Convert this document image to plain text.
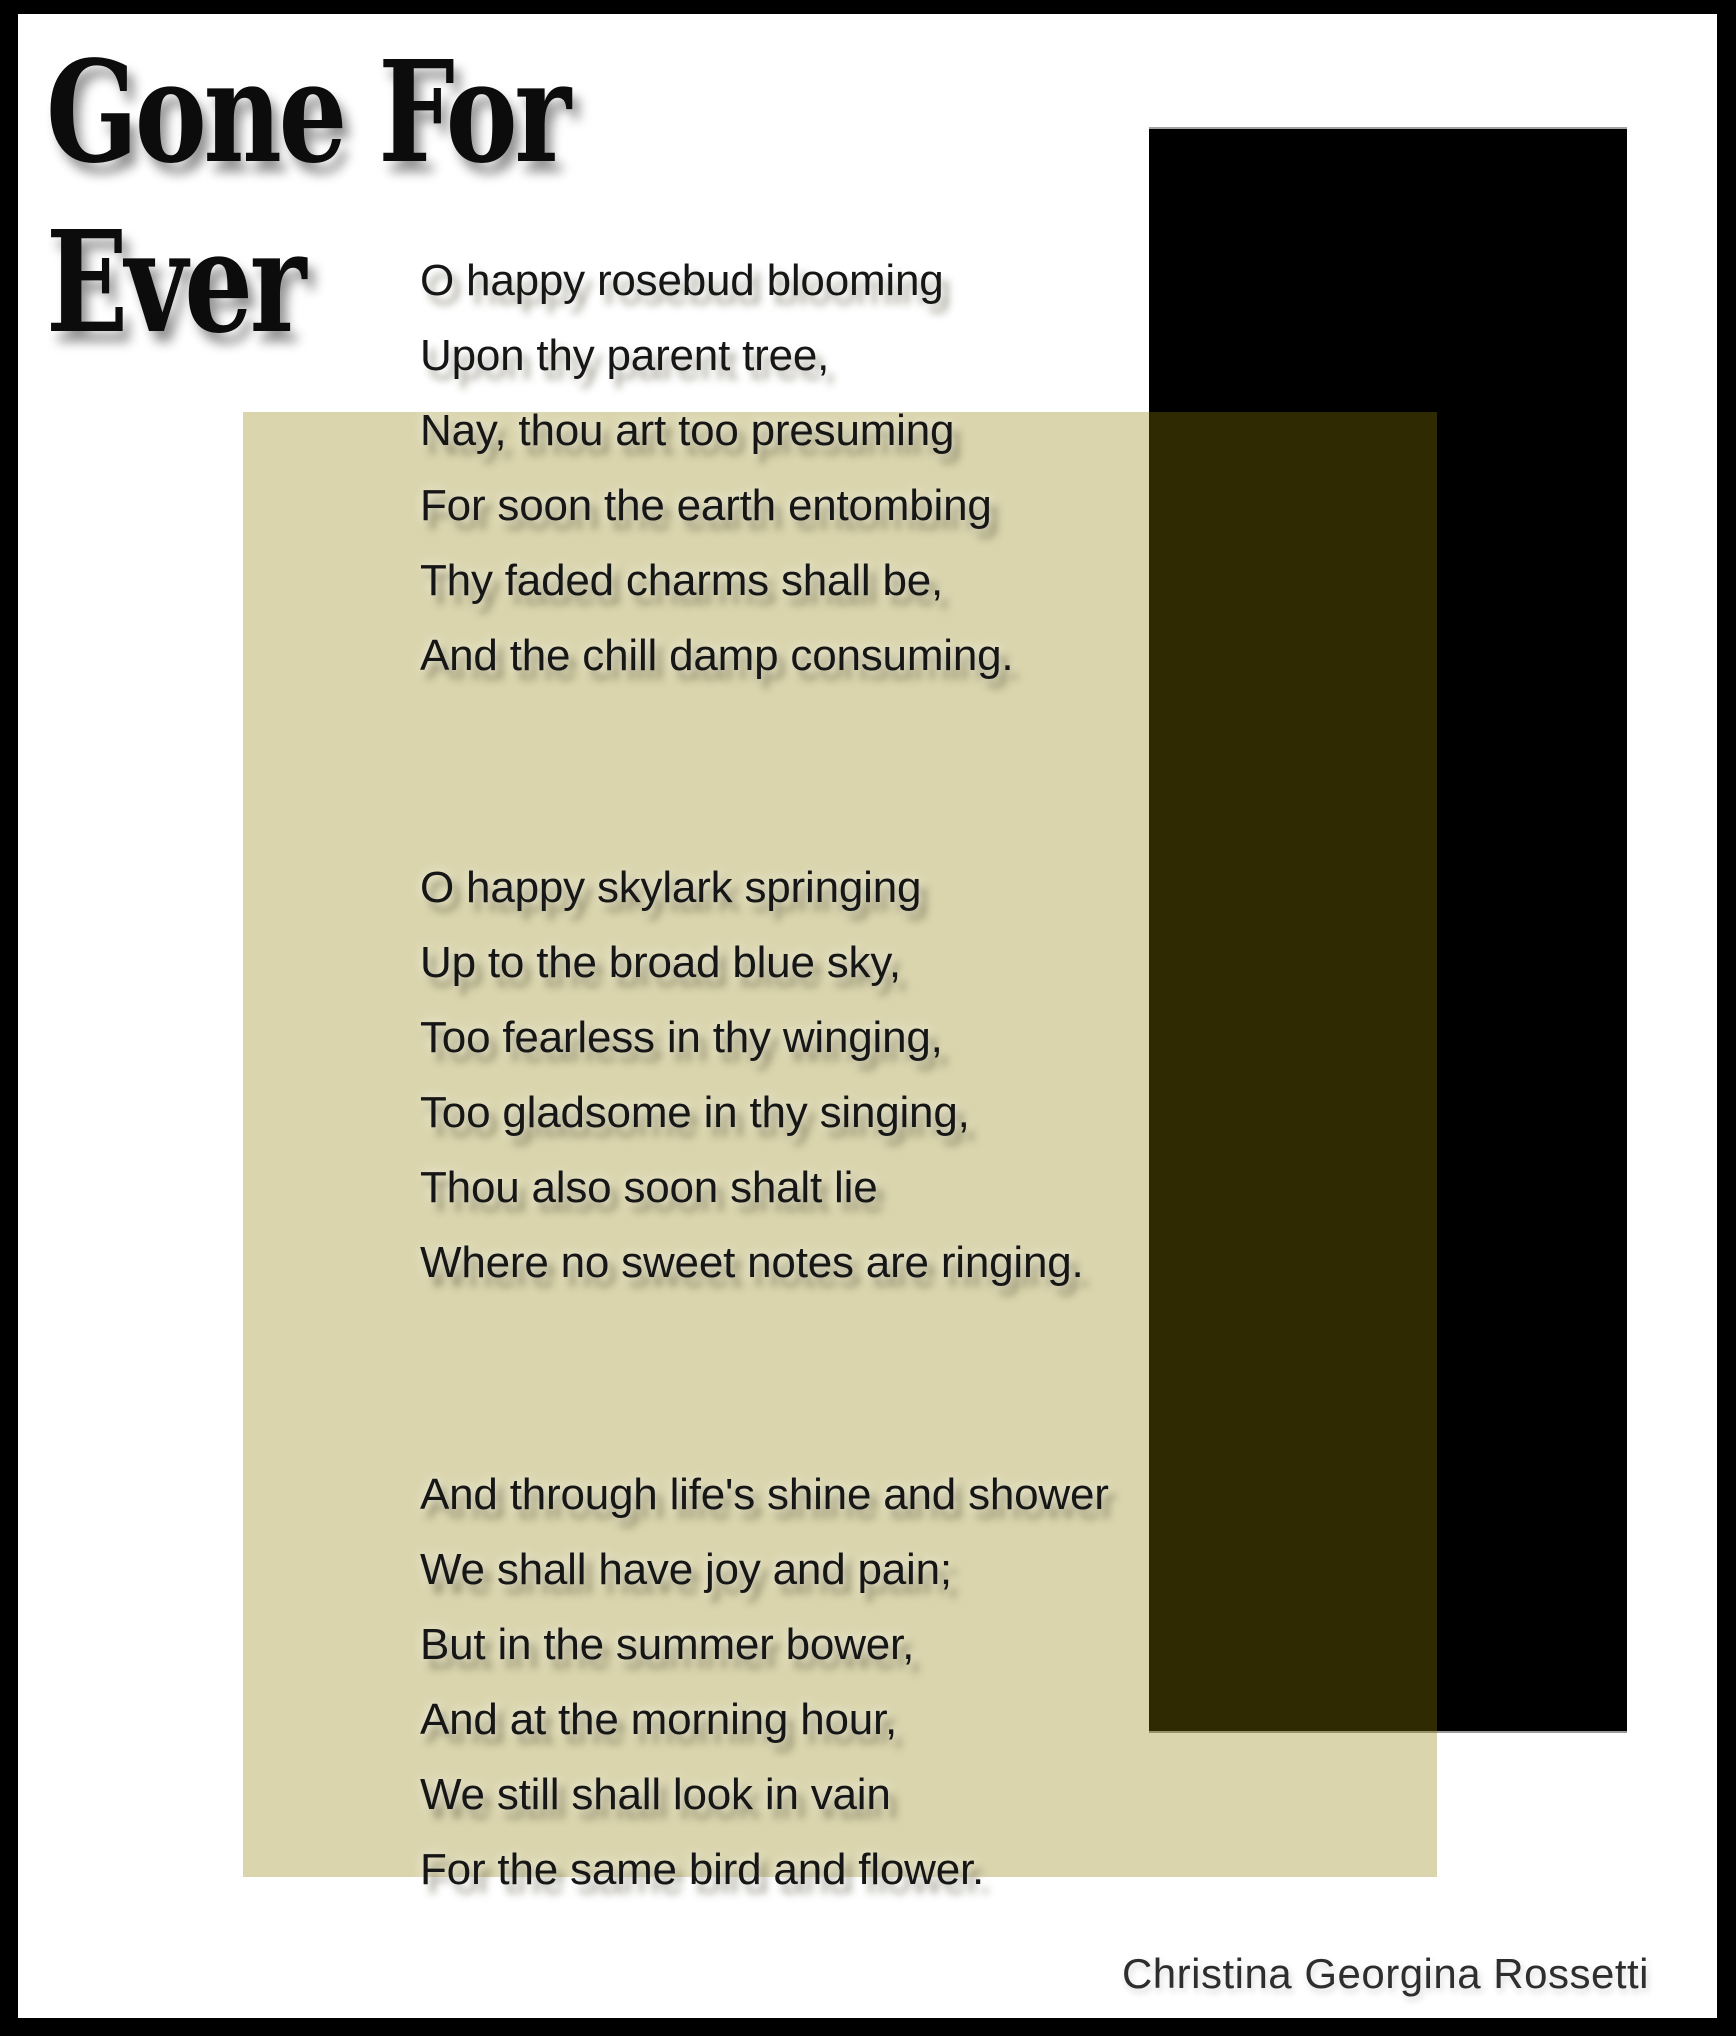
Gone For
Ever	O happy rosebud blooming
Upon thy parent tree,
Nay, thou art too presuming
For soon the earth entombing
Thy faded charms shall be,
And the chill damp consuming.
O happy skylark springing
Up to the broad blue sky,
Too fearless in thy winging,
Too gladsome in thy singing,
Thou also soon shalt lie
Where no sweet notes are ringing.
And through life's shine and shower
We shall have joy and pain;
But in the summer bower,
And at the morning hour,
We still shall look in vain
For the same bird and flower.
Christina Georgina Rossetti
